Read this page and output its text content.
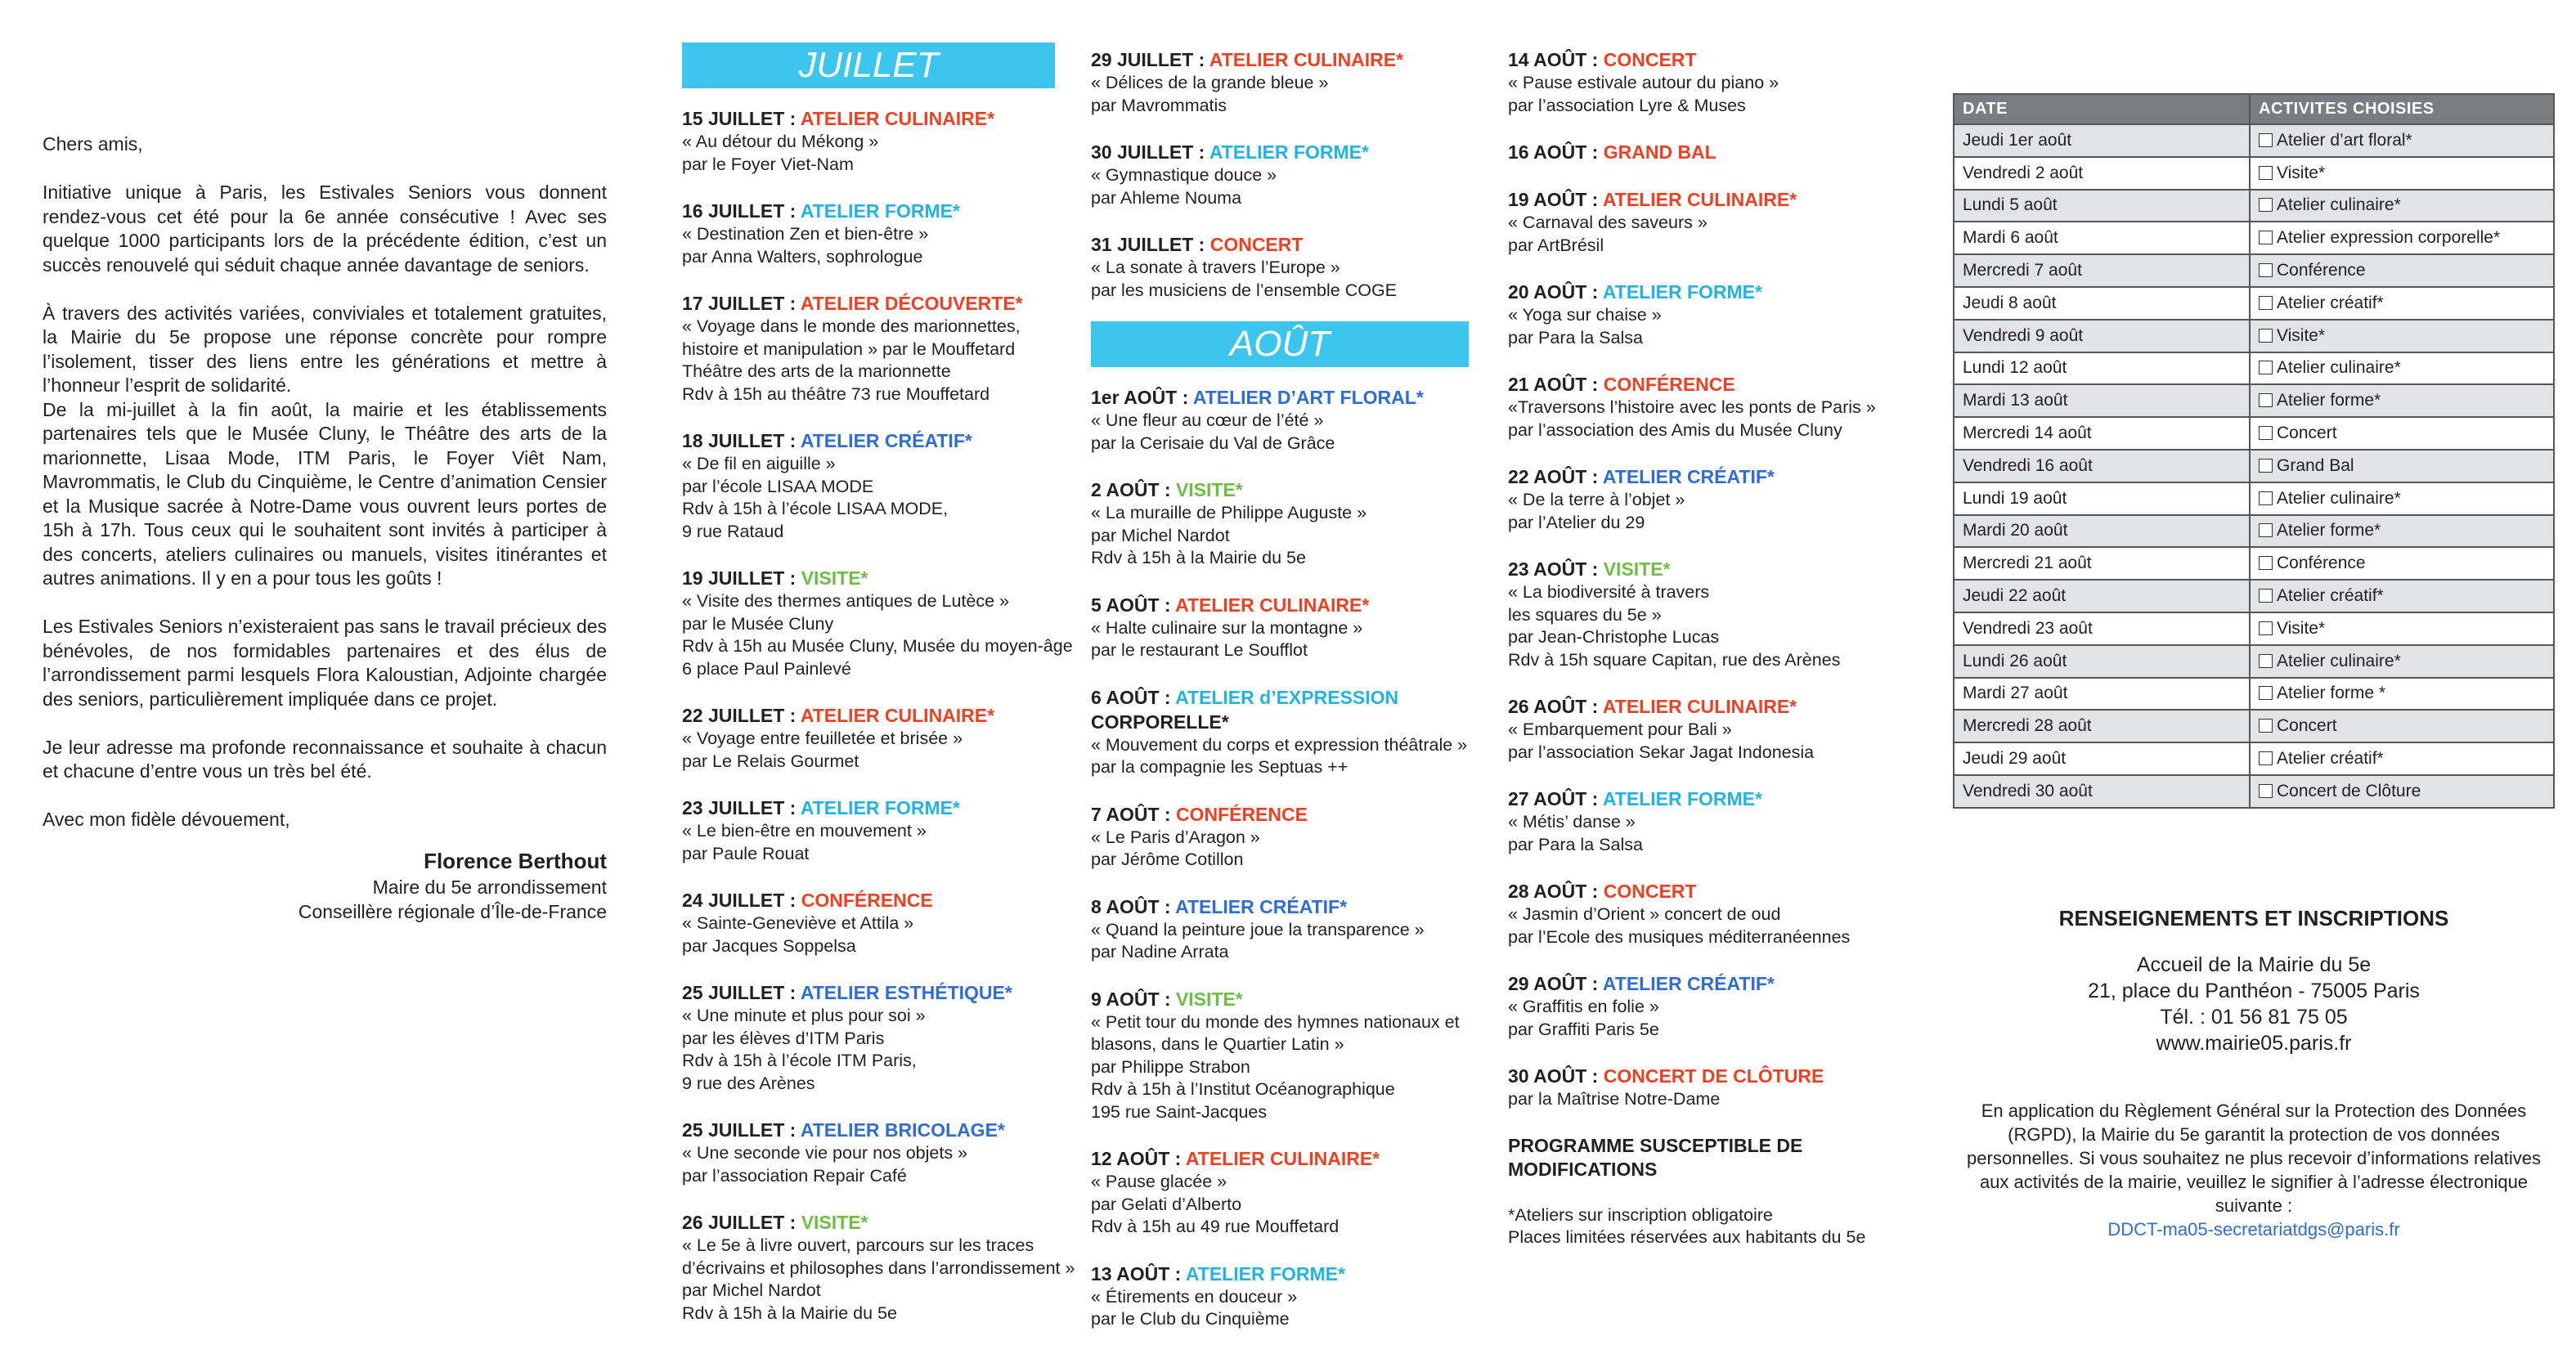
Chers amis,

Initiative unique à Paris, les Estivales Seniors vous donnent rendez-vous cet été pour la 6e année consécutive ! Avec ses quelque 1000 participants lors de la précédente édition, c’est un succès renouvelé qui séduit chaque année davantage de seniors.

À travers des activités variées, conviviales et totalement gratuites, la Mairie du 5e propose une réponse concrète pour rompre l’isolement, tisser des liens entre les générations et mettre à l’honneur l’esprit de solidarité.

De la mi-juillet à la fin août, la mairie et les établissements partenaires tels que le Musée Cluny, le Théâtre des arts de la marionnette, Lisaa Mode, ITM Paris, le Foyer Viêt Nam, Mavrommatis, le Club du Cinquième, le Centre d’animation Censier et la Musique sacrée à Notre-Dame vous ouvrent leurs portes de 15h à 17h. Tous ceux qui le souhaitent sont invités à participer à des concerts, ateliers culinaires ou manuels, visites itinérantes et autres animations. Il y en a pour tous les goûts !

Les Estivales Seniors n’existeraient pas sans le travail précieux des bénévoles, de nos formidables partenaires et des élus de l’arrondissement parmi lesquels Flora Kaloustian, Adjointe chargée des seniors, particulièrement impliquée dans ce projet.

Je leur adresse ma profonde reconnaissance et souhaite à chacun et chacune d’entre vous un très bel été.

Avec mon fidèle dévouement,

Florence Berthout
Maire du 5e arrondissement
Conseillère régionale d’Île-de-France
JUILLET
15 JUILLET : ATELIER CULINAIRE*
« Au détour du Mékong »
par le Foyer Viet-Nam
16 JUILLET : ATELIER FORME*
« Destination Zen et bien-être »
par Anna Walters, sophrologue
17 JUILLET : ATELIER DÉCOUVERTE*
« Voyage dans le monde des marionnettes,
histoire et manipulation » par le Mouffetard
Théâtre des arts de la marionnette
Rdv à 15h au théâtre 73 rue Mouffetard
18 JUILLET : ATELIER CRÉATIF*
« De fil en aiguille »
par l’école LISAA MODE
Rdv à 15h à l’école LISAA MODE,
9 rue Rataud
19 JUILLET : VISITE*
« Visite des thermes antiques de Lutèce »
par le Musée Cluny
Rdv à 15h au Musée Cluny, Musée du moyen-âge
6 place Paul Painlevé
22 JUILLET : ATELIER CULINAIRE*
« Voyage entre feuilletée et brisée »
par Le Relais Gourmet
23 JUILLET : ATELIER FORME*
« Le bien-être en mouvement »
par Paule Rouat
24 JUILLET : CONFÉRENCE
« Sainte-Geneviève et Attila »
par Jacques Soppelsa
25 JUILLET : ATELIER ESTHÉTIQUE*
« Une minute et plus pour soi »
par les élèves d’ITM Paris
Rdv à 15h à l’école ITM Paris,
9 rue des Arènes
25 JUILLET : ATELIER BRICOLAGE*
« Une seconde vie pour nos objets »
par l’association Repair Café
26 JUILLET : VISITE*
« Le 5e à livre ouvert, parcours sur les traces
d’écrivains et philosophes dans l’arrondissement »
par Michel Nardot
Rdv à 15h à la Mairie du 5e
29 JUILLET : ATELIER CULINAIRE*
« Délices de la grande bleue »
par Mavrommatis
30 JUILLET : ATELIER FORME*
« Gymnastique douce »
par Ahleme Nouma
31 JUILLET : CONCERT
« La sonate à travers l’Europe »
par les musiciens de l’ensemble COGE
AOÛT
1er AOÛT : ATELIER D’ART FLORAL*
« Une fleur au cœur de l’été »
par la Cerisaie du Val de Grâce
2 AOÛT : VISITE*
« La muraille de Philippe Auguste »
par Michel Nardot
Rdv à 15h à la Mairie du 5e
5 AOÛT : ATELIER CULINAIRE*
« Halte culinaire sur la montagne »
par le restaurant Le Soufflot
6 AOÛT : ATELIER d’EXPRESSION
CORPORELLE*
« Mouvement du corps et expression théâtrale »
par la compagnie les Septuas ++
7 AOÛT : CONFÉRENCE
« Le Paris d’Aragon »
par Jérôme Cotillon
8 AOÛT : ATELIER CRÉATIF*
« Quand la peinture joue la transparence »
par Nadine Arrata
9 AOÛT : VISITE*
« Petit tour du monde des hymnes nationaux et
blasons, dans le Quartier Latin »
par Philippe Strabon
Rdv à 15h à l’Institut Océanographique
195 rue Saint-Jacques
12 AOÛT : ATELIER CULINAIRE*
« Pause glacée »
par Gelati d’Alberto
Rdv à 15h au 49 rue Mouffetard
13 AOÛT : ATELIER FORME*
« Étirements en douceur »
par le Club du Cinquième
14 AOÛT : CONCERT
« Pause estivale autour du piano »
par l’association Lyre & Muses
16 AOÛT : GRAND BAL
19 AOÛT : ATELIER CULINAIRE*
« Carnaval des saveurs »
par ArtBrésil
20 AOÛT : ATELIER FORME*
« Yoga sur chaise »
par Para la Salsa
21 AOÛT : CONFÉRENCE
«Traversons l’histoire avec les ponts de Paris »
par l’association des Amis du Musée Cluny
22 AOÛT : ATELIER CRÉATIF*
« De la terre à l’objet »
par l’Atelier du 29
23 AOÛT : VISITE*
« La biodiversité à travers
les squares du 5e »
par Jean-Christophe Lucas
Rdv à 15h square Capitan, rue des Arènes
26 AOÛT : ATELIER CULINAIRE*
« Embarquement pour Bali »
par l’association Sekar Jagat Indonesia
27 AOÛT : ATELIER FORME*
« Métis’ danse »
par Para la Salsa
28 AOÛT : CONCERT
« Jasmin d’Orient » concert de oud
par l’Ecole des musiques méditerranéennes
29 AOÛT : ATELIER CRÉATIF*
« Graffitis en folie »
par Graffiti Paris 5e
30 AOÛT : CONCERT DE CLÔTURE
par la Maîtrise Notre-Dame
PROGRAMME SUSCEPTIBLE DE
MODIFICATIONS
*Ateliers sur inscription obligatoire
Places limitées réservées aux habitants du 5e
DATE	ACTIVITES CHOISIES
Jeudi 1er août	Atelier d’art floral*
Vendredi 2 août	Visite*
Lundi 5 août	Atelier culinaire*
Mardi 6 août	Atelier expression corporelle*
Mercredi 7 août	Conférence
Jeudi 8 août	Atelier créatif*
Vendredi 9 août	Visite*
Lundi 12 août	Atelier culinaire*
Mardi 13 août	Atelier forme*
Mercredi 14 août	Concert
Vendredi 16 août	Grand Bal
Lundi 19 août	Atelier culinaire*
Mardi 20 août	Atelier forme*
Mercredi 21 août	Conférence
Jeudi 22 août	Atelier créatif*
Vendredi 23 août	Visite*
Lundi 26 août	Atelier culinaire*
Mardi 27 août	Atelier forme *
Mercredi 28 août	Concert
Jeudi 29 août	Atelier créatif*
Vendredi 30 août	Concert de Clôture
RENSEIGNEMENTS ET INSCRIPTIONS
Accueil de la Mairie du 5e
21, place du Panthéon - 75005 Paris
Tél. : 01 56 81 75 05
www.mairie05.paris.fr
En application du Règlement Général sur la Protection des Données (RGPD), la Mairie du 5e garantit la protection de vos données personnelles. Si vous souhaitez ne plus recevoir d’informations relatives aux activités de la mairie, veuillez le signifier à l’adresse électronique suivante :
DDCT-ma05-secretariatdgs@paris.fr
